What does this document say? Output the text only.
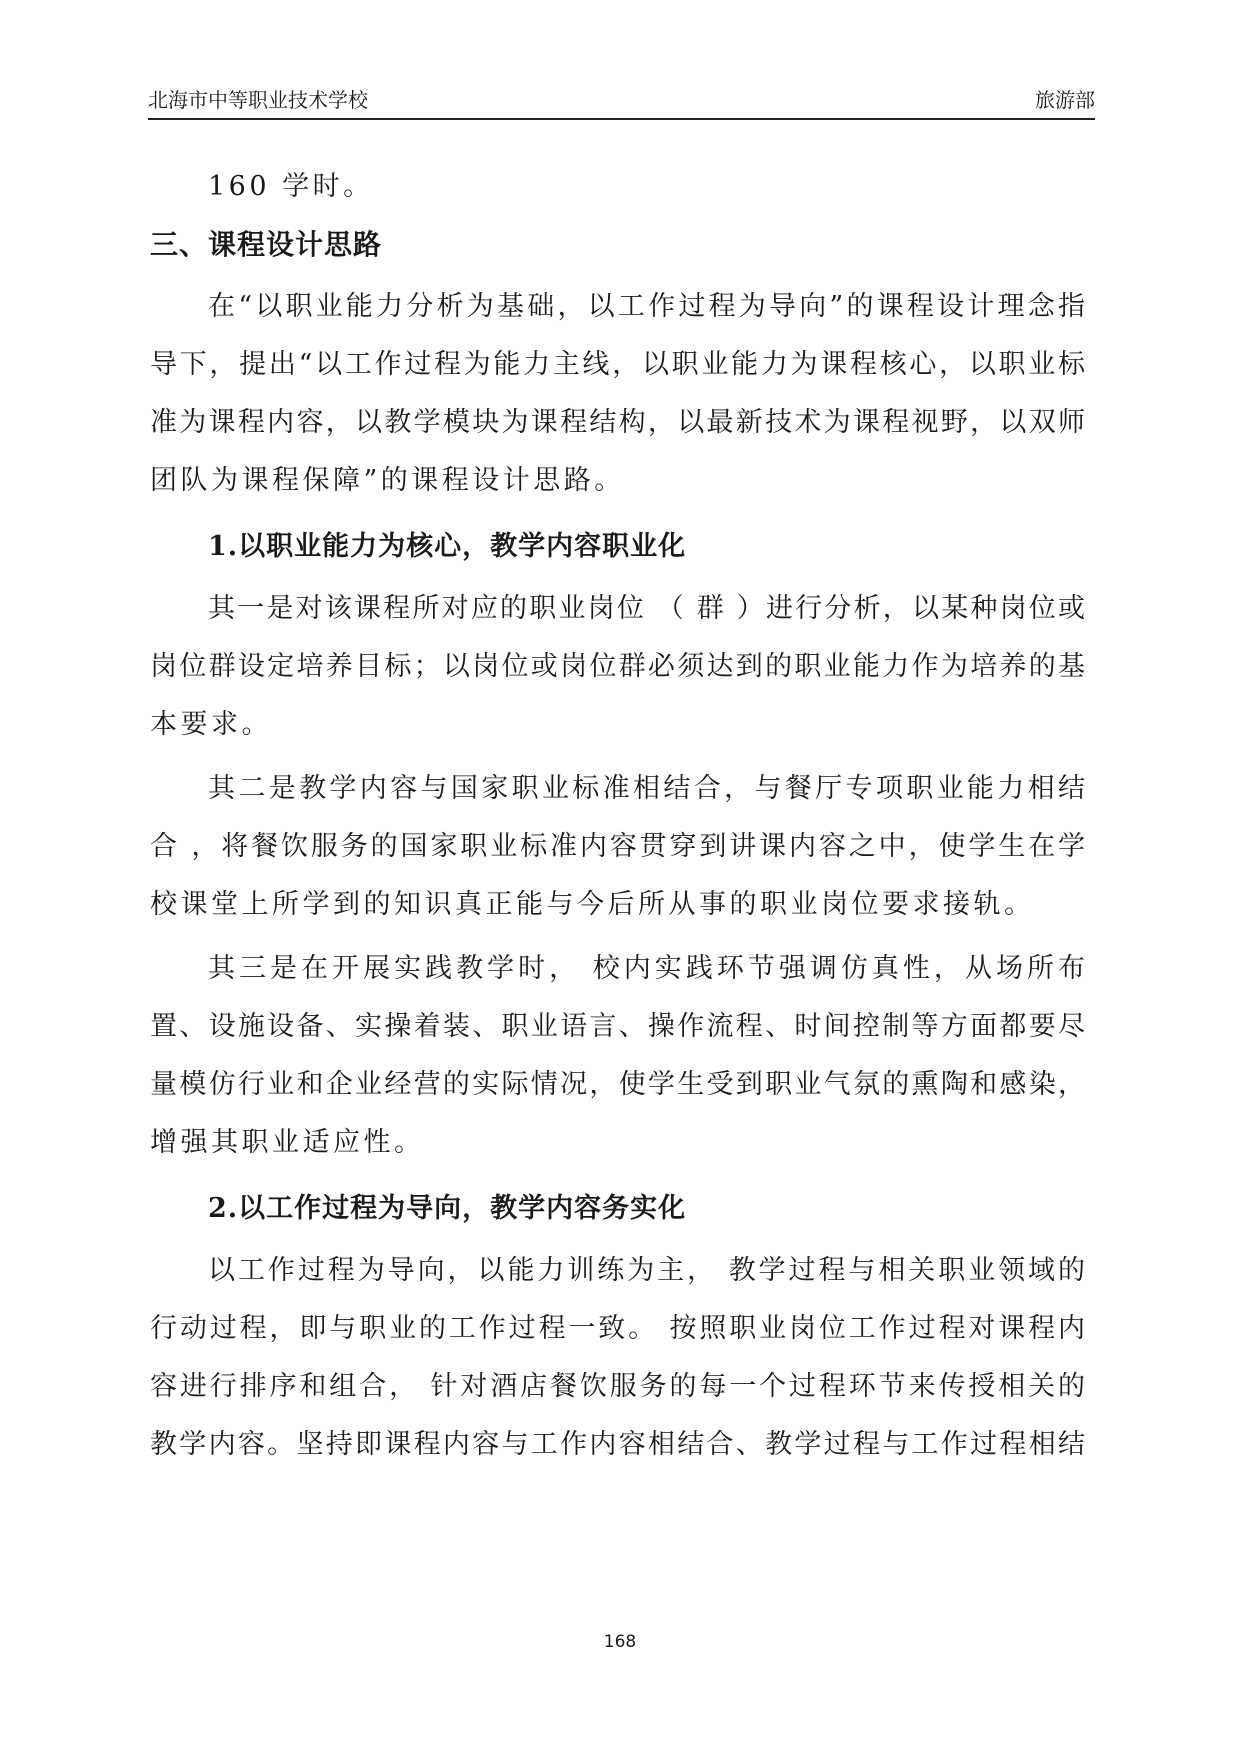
北海市中等职业技术学校	旅游部
160 学时。
三、课程设计思路
在“以职业能力分析为基础，以工作过程为导向”的课程设计理念指
导下，提出“以工作过程为能力主线，以职业能力为课程核心，以职业标
准为课程内容，以教学模块为课程结构，以最新技术为课程视野，以双师
团队为课程保障”的课程设计思路。
1.以职业能力为核心，教学内容职业化
其一是对该课程所对应的职业岗位 （ 群 ）进行分析，以某种岗位或
岗位群设定培养目标；以岗位或岗位群必须达到的职业能力作为培养的基
本要求。
其二是教学内容与国家职业标准相结合，与餐厅专项职业能力相结
合 ，将餐饮服务的国家职业标准内容贯穿到讲课内容之中，使学生在学
校课堂上所学到的知识真正能与今后所从事的职业岗位要求接轨。
其三是在开展实践教学时， 校内实践环节强调仿真性，从场所布
置、设施设备、实操着装、职业语言、操作流程、时间控制等方面都要尽
量模仿行业和企业经营的实际情况，使学生受到职业气氛的熏陶和感染，
增强其职业适应性。
2.以工作过程为导向，教学内容务实化
以工作过程为导向，以能力训练为主， 教学过程与相关职业领域的
行动过程，即与职业的工作过程一致。 按照职业岗位工作过程对课程内
容进行排序和组合， 针对酒店餐饮服务的每一个过程环节来传授相关的
教学内容。坚持即课程内容与工作内容相结合、教学过程与工作过程相结
168
